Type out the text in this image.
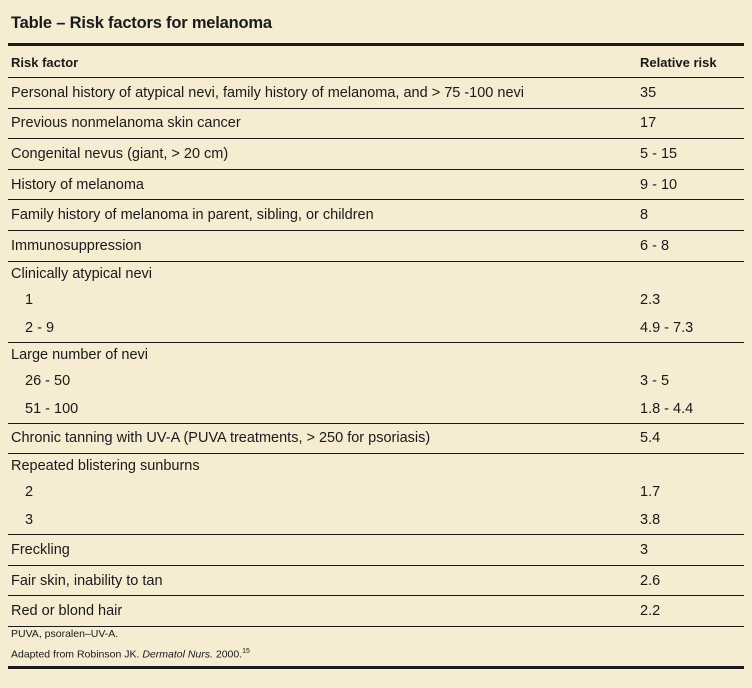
Table – Risk factors for melanoma
Risk factor	Relative risk
Personal history of atypical nevi, family history of melanoma, and > 75 -100 nevi	35
Previous nonmelanoma skin cancer	17
Congenital nevus (giant, > 20 cm)	5 - 15
History of melanoma	9 - 10
Family history of melanoma in parent, sibling, or children	8
Immunosuppression	6 - 8
Clinically atypical nevi	
1	2.3
2 - 9	4.9 - 7.3
Large number of nevi	
26 - 50	3 - 5
51 - 100	1.8 - 4.4
Chronic tanning with UV-A (PUVA treatments, > 250 for psoriasis)	5.4
Repeated blistering sunburns	
2	1.7
3	3.8
Freckling	3
Fair skin, inability to tan	2.6
Red or blond hair	2.2
PUVA, psoralen–UV-A.
Adapted from Robinson JK. Dermatol Nurs. 2000.15
